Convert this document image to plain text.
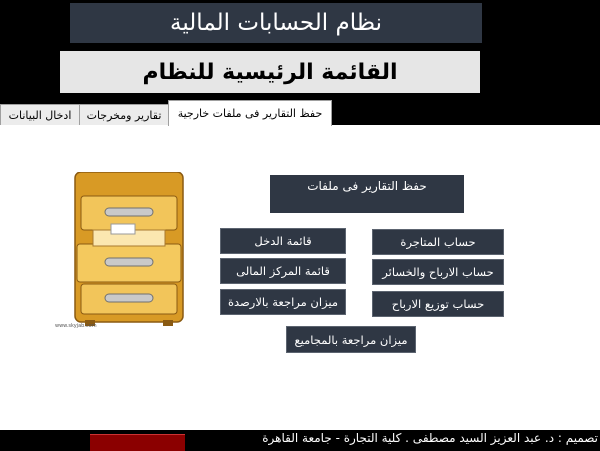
نظام الحسابات المالية
القائمة الرئيسية للنظام
ادخال البيانات	تقارير ومخرجات	حفظ التقارير فى ملفات خارجية
www.skyjab.com
حفظ التقارير فى ملفات
حساب المتاجرة
قائمة الدخل
حساب الارباح والخسائر
قائمة المركز المالى
حساب توزيع الارباح
ميزان مراجعة بالارصدة
ميزان مراجعة بالمجاميع
تصميم : د. عبد العزيز السيد مصطفى . كلية التجارة - جامعة القاهرة
